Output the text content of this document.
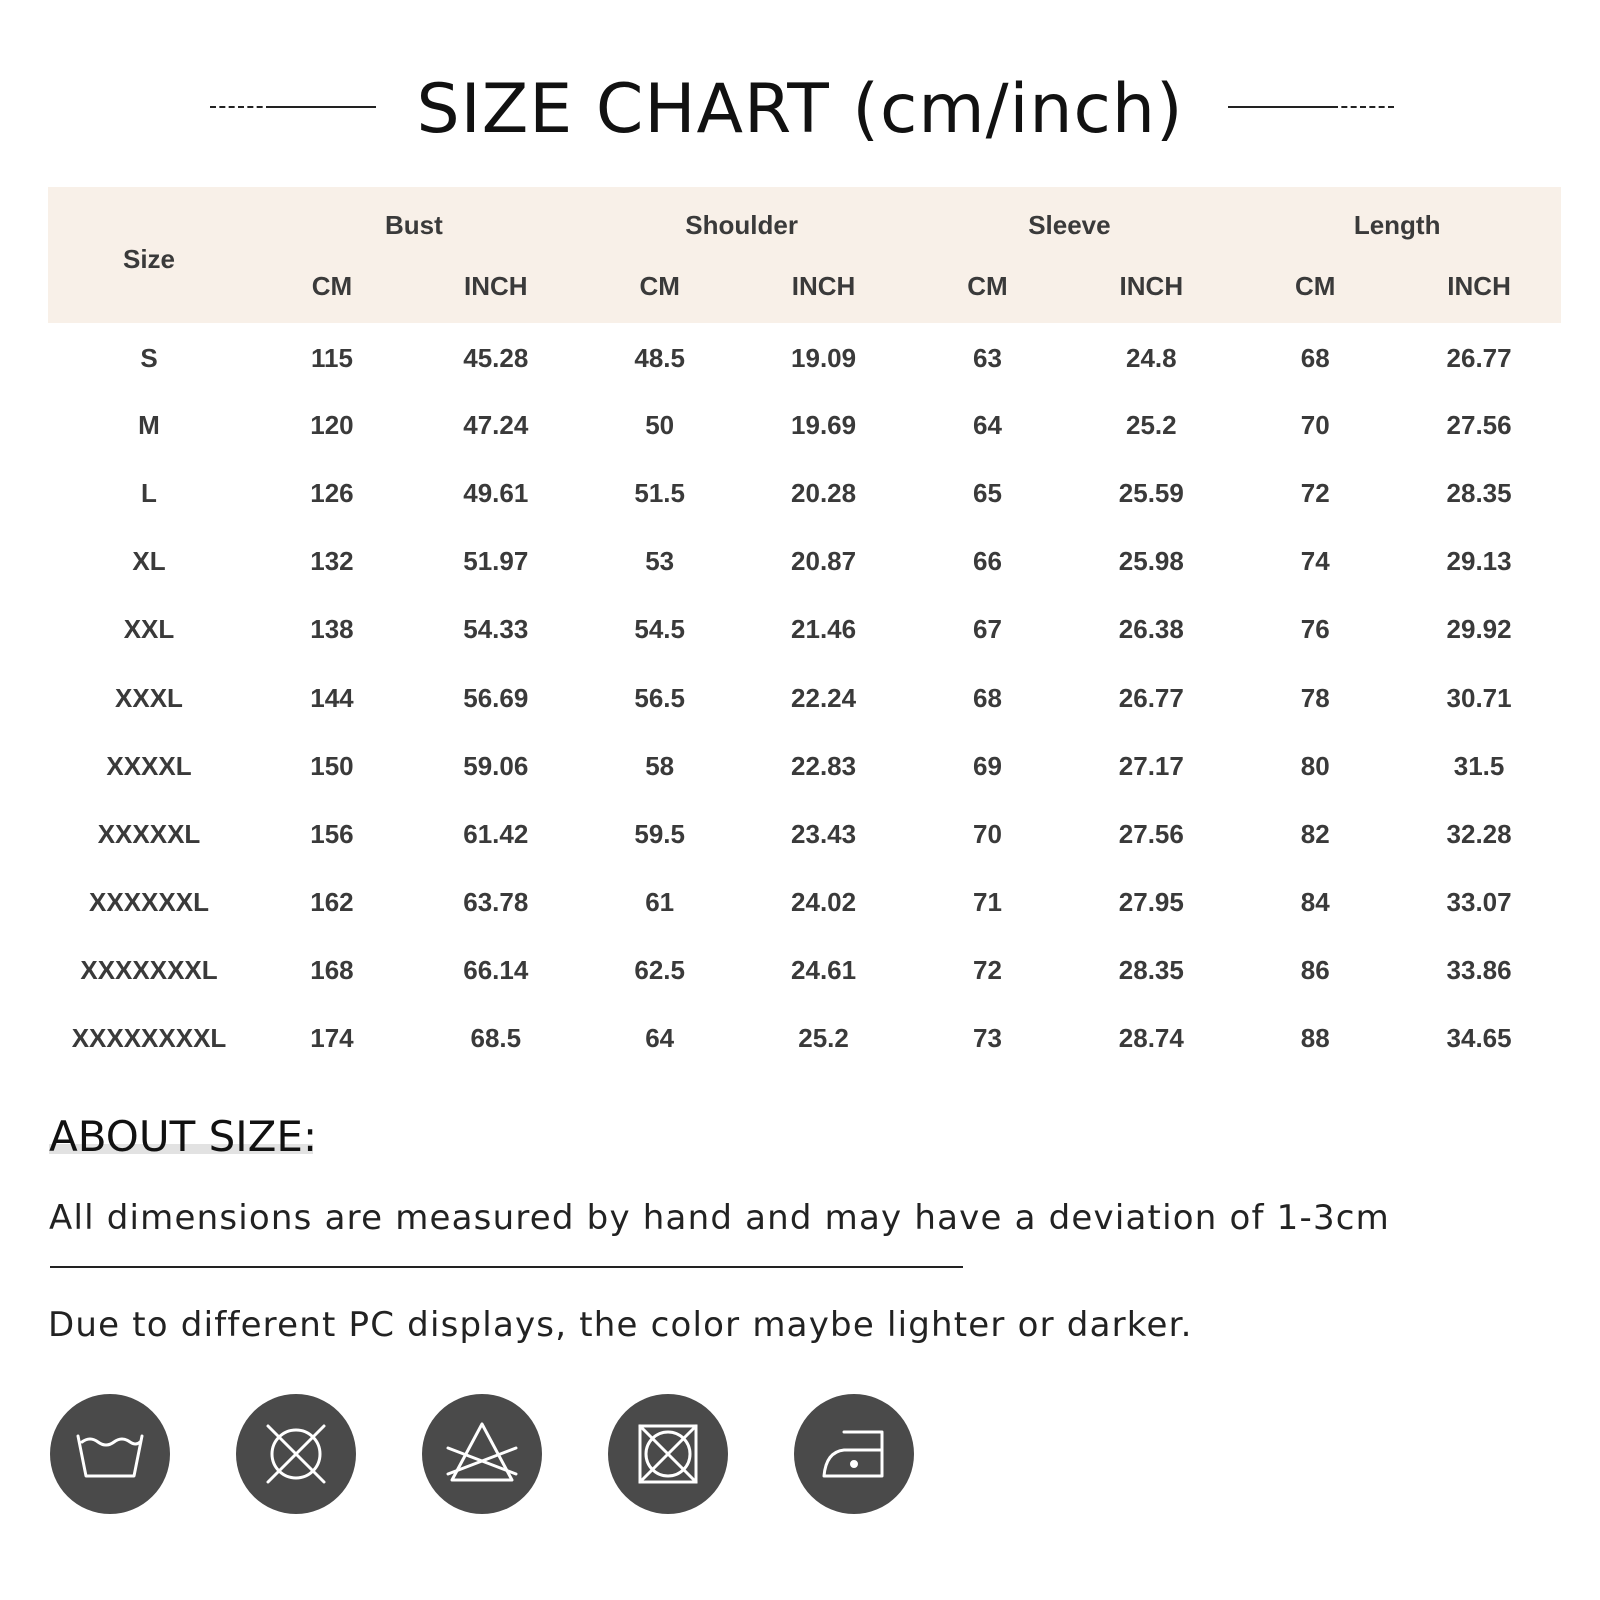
SIZE CHART (cm/inch)
Size	Bust		Shoulder		Sleeve		Length	
	CM	INCH	CM	INCH	CM	INCH	CM	INCH
S	115	45.28	48.5	19.09	63	24.8	68	26.77
M	120	47.24	50	19.69	64	25.2	70	27.56
L	126	49.61	51.5	20.28	65	25.59	72	28.35
XL	132	51.97	53	20.87	66	25.98	74	29.13
XXL	138	54.33	54.5	21.46	67	26.38	76	29.92
XXXL	144	56.69	56.5	22.24	68	26.77	78	30.71
XXXXL	150	59.06	58	22.83	69	27.17	80	31.5
XXXXXL	156	61.42	59.5	23.43	70	27.56	82	32.28
XXXXXXL	162	63.78	61	24.02	71	27.95	84	33.07
XXXXXXXL	168	66.14	62.5	24.61	72	28.35	86	33.86
XXXXXXXXL	174	68.5	64	25.2	73	28.74	88	34.65
ABOUT SIZE:
All dimensions are measured by hand and may have a deviation of 1-3cm
Due to different PC displays, the color maybe lighter or darker.
